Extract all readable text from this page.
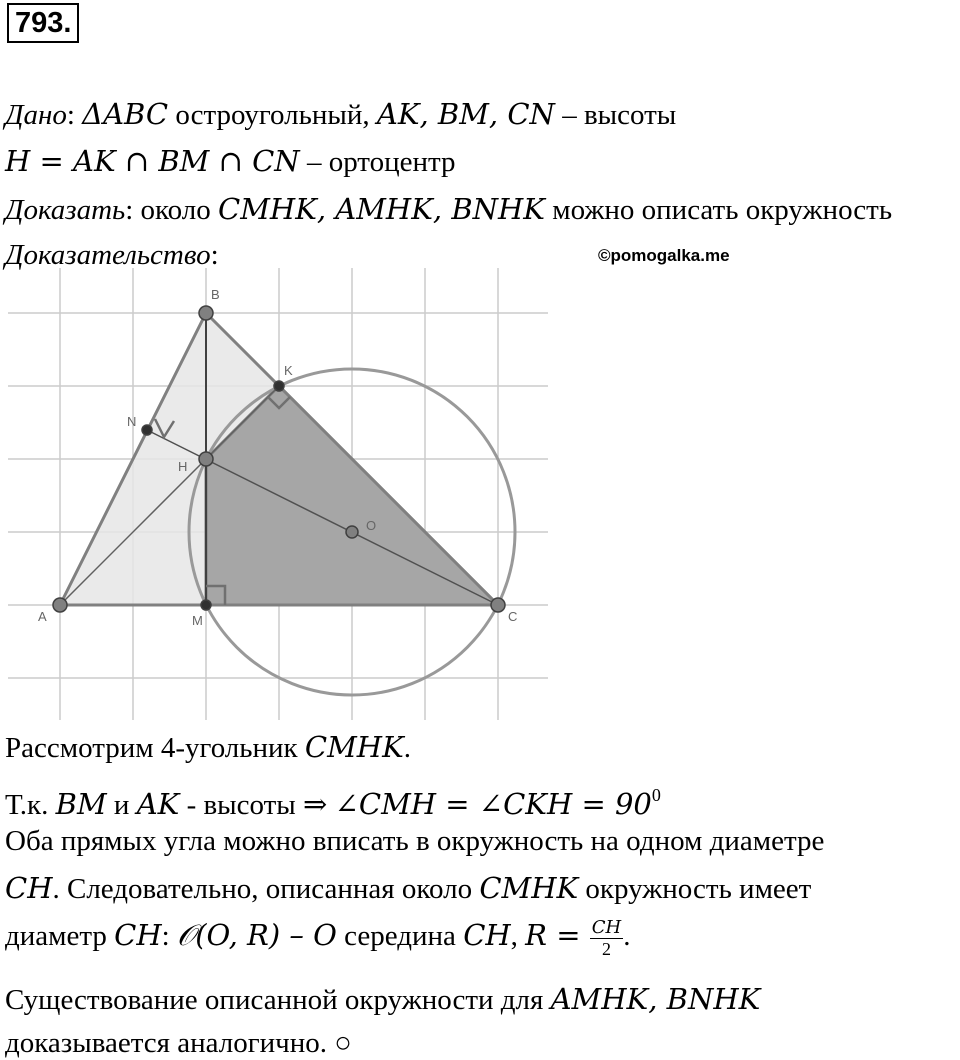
793.
Дано: ΔABC остроугольный, AK, BM, CN – высоты
H = AK ∩ BM ∩ CN – ортоцентр
Доказать: около CMHK, AMHK, BNHK можно описать окружность
Доказательство:	©pomogalka.me
B
A	C
H
K
M
N
O
Рассмотрим 4-угольник CMHK.
Т.к. BM и AK - высоты ⇒ ∠CMH = ∠CKH = $90^0$
Оба прямых угла можно вписать в окружность на одном диаметре
CH. Следовательно, описанная около CMHK окружность имеет
диаметр CH: 𝒪(O, R) – O середина CH, $R = \frac{CH}{2}$ .
Существование описанной окружности для AMHK, BNHK
доказывается аналогично. ○
